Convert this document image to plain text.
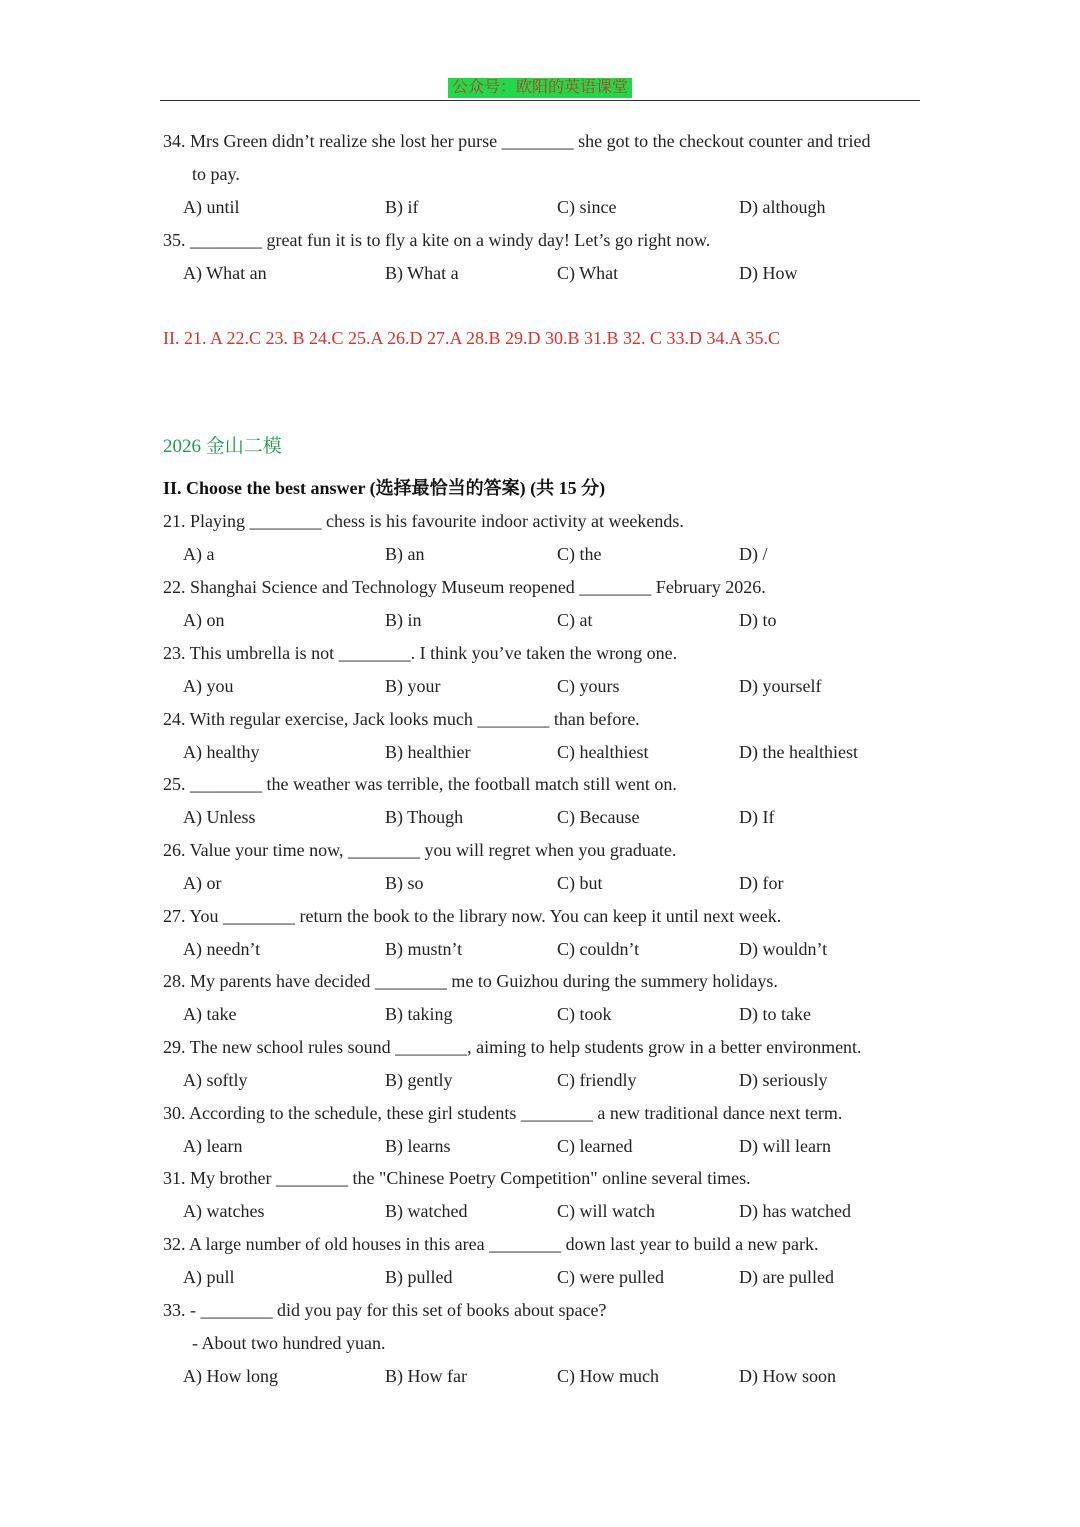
公众号：欧阳的英语课堂
34. Mrs Green didn’t realize she lost her purse ________ she got to the checkout counter and tried
to pay.
A) until	B) if	C) since	D) although
35. ________ great fun it is to fly a kite on a windy day! Let’s go right now.
A) What an	B) What a	C) What	D) How
II. 21. A 22.C 23. B 24.C 25.A 26.D 27.A 28.B 29.D 30.B 31.B 32. C 33.D 34.A 35.C
2026 金山二模
II. Choose the best answer (选择最恰当的答案) (共 15 分)
21. Playing ________ chess is his favourite indoor activity at weekends.
A) a	B) an	C) the	D) /
22. Shanghai Science and Technology Museum reopened ________ February 2026.
A) on	B) in	C) at	D) to
23. This umbrella is not ________. I think you’ve taken the wrong one.
A) you	B) your	C) yours	D) yourself
24. With regular exercise, Jack looks much ________ than before.
A) healthy	B) healthier	C) healthiest	D) the healthiest
25. ________ the weather was terrible, the football match still went on.
A) Unless	B) Though	C) Because	D) If
26. Value your time now, ________ you will regret when you graduate.
A) or	B) so	C) but	D) for
27. You ________ return the book to the library now. You can keep it until next week.
A) needn’t	B) mustn’t	C) couldn’t	D) wouldn’t
28. My parents have decided ________ me to Guizhou during the summery holidays.
A) take	B) taking	C) took	D) to take
29. The new school rules sound ________, aiming to help students grow in a better environment.
A) softly	B) gently	C) friendly	D) seriously
30. According to the schedule, these girl students ________ a new traditional dance next term.
A) learn	B) learns	C) learned	D) will learn
31. My brother ________ the "Chinese Poetry Competition" online several times.
A) watches	B) watched	C) will watch	D) has watched
32. A large number of old houses in this area ________ down last year to build a new park.
A) pull	B) pulled	C) were pulled	D) are pulled
33. - ________ did you pay for this set of books about space?
- About two hundred yuan.
A) How long	B) How far	C) How much	D) How soon
